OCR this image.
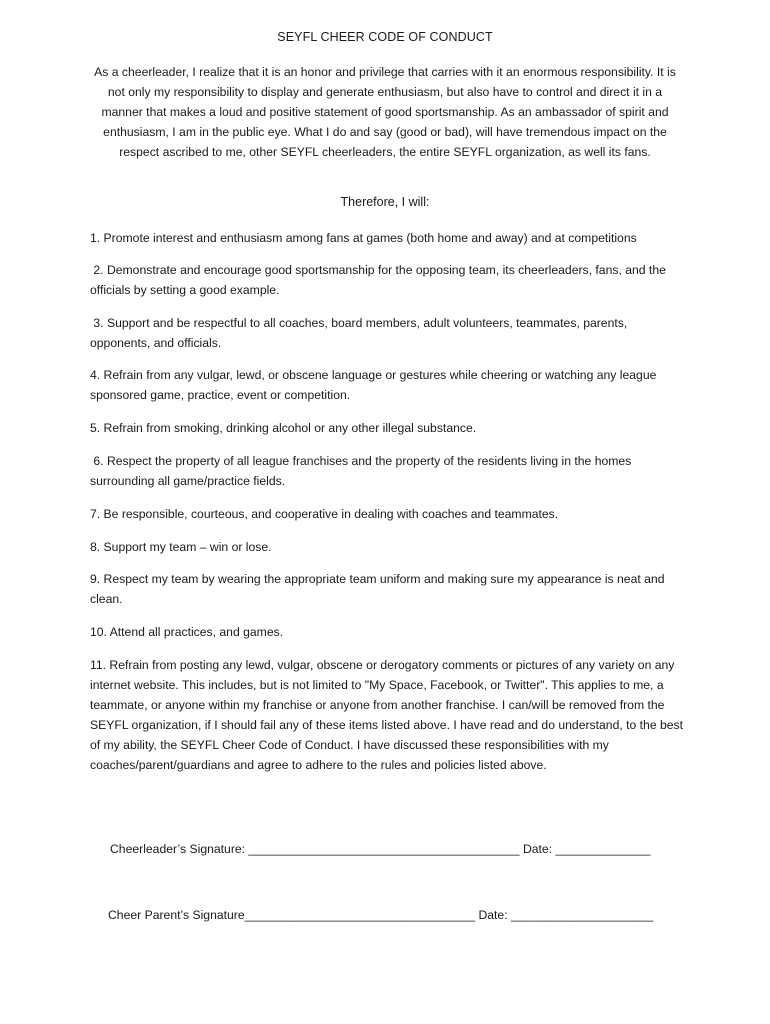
SEYFL CHEER CODE OF CONDUCT
As a cheerleader, I realize that it is an honor and privilege that carries with it an enormous responsibility. It is not only my responsibility to display and generate enthusiasm, but also have to control and direct it in a manner that makes a loud and positive statement of good sportsmanship. As an ambassador of spirit and enthusiasm, I am in the public eye. What I do and say (good or bad), will have tremendous impact on the respect ascribed to me, other SEYFL cheerleaders, the entire SEYFL organization, as well its fans.
Therefore, I will:

1. Promote interest and enthusiasm among fans at games (both home and away) and at competitions

2. Demonstrate and encourage good sportsmanship for the opposing team, its cheerleaders, fans, and the officials by setting a good example.

3. Support and be respectful to all coaches, board members, adult volunteers, teammates, parents, opponents, and officials.

4. Refrain from any vulgar, lewd, or obscene language or gestures while cheering or watching any league sponsored game, practice, event or competition.

5. Refrain from smoking, drinking alcohol or any other illegal substance.

6. Respect the property of all league franchises and the property of the residents living in the homes surrounding all game/practice fields.

7. Be responsible, courteous, and cooperative in dealing with coaches and teammates.

8. Support my team – win or lose.

9. Respect my team by wearing the appropriate team uniform and making sure my appearance is neat and clean.

10. Attend all practices, and games.

11. Refrain from posting any lewd, vulgar, obscene or derogatory comments or pictures of any variety on any internet website. This includes, but is not limited to "My Space, Facebook, or Twitter". This applies to me, a teammate, or anyone within my franchise or anyone from another franchise. I can/will be removed from the SEYFL organization, if I should fail any of these items listed above. I have read and do understand, to the best of my ability, the SEYFL Cheer Code of Conduct. I have discussed these responsibilities with my coaches/parent/guardians and agree to adhere to the rules and policies listed above.

Cheerleader’s Signature: ________________________________________ Date: ______________
Cheer Parent’s Signature__________________________________ Date: _____________________
